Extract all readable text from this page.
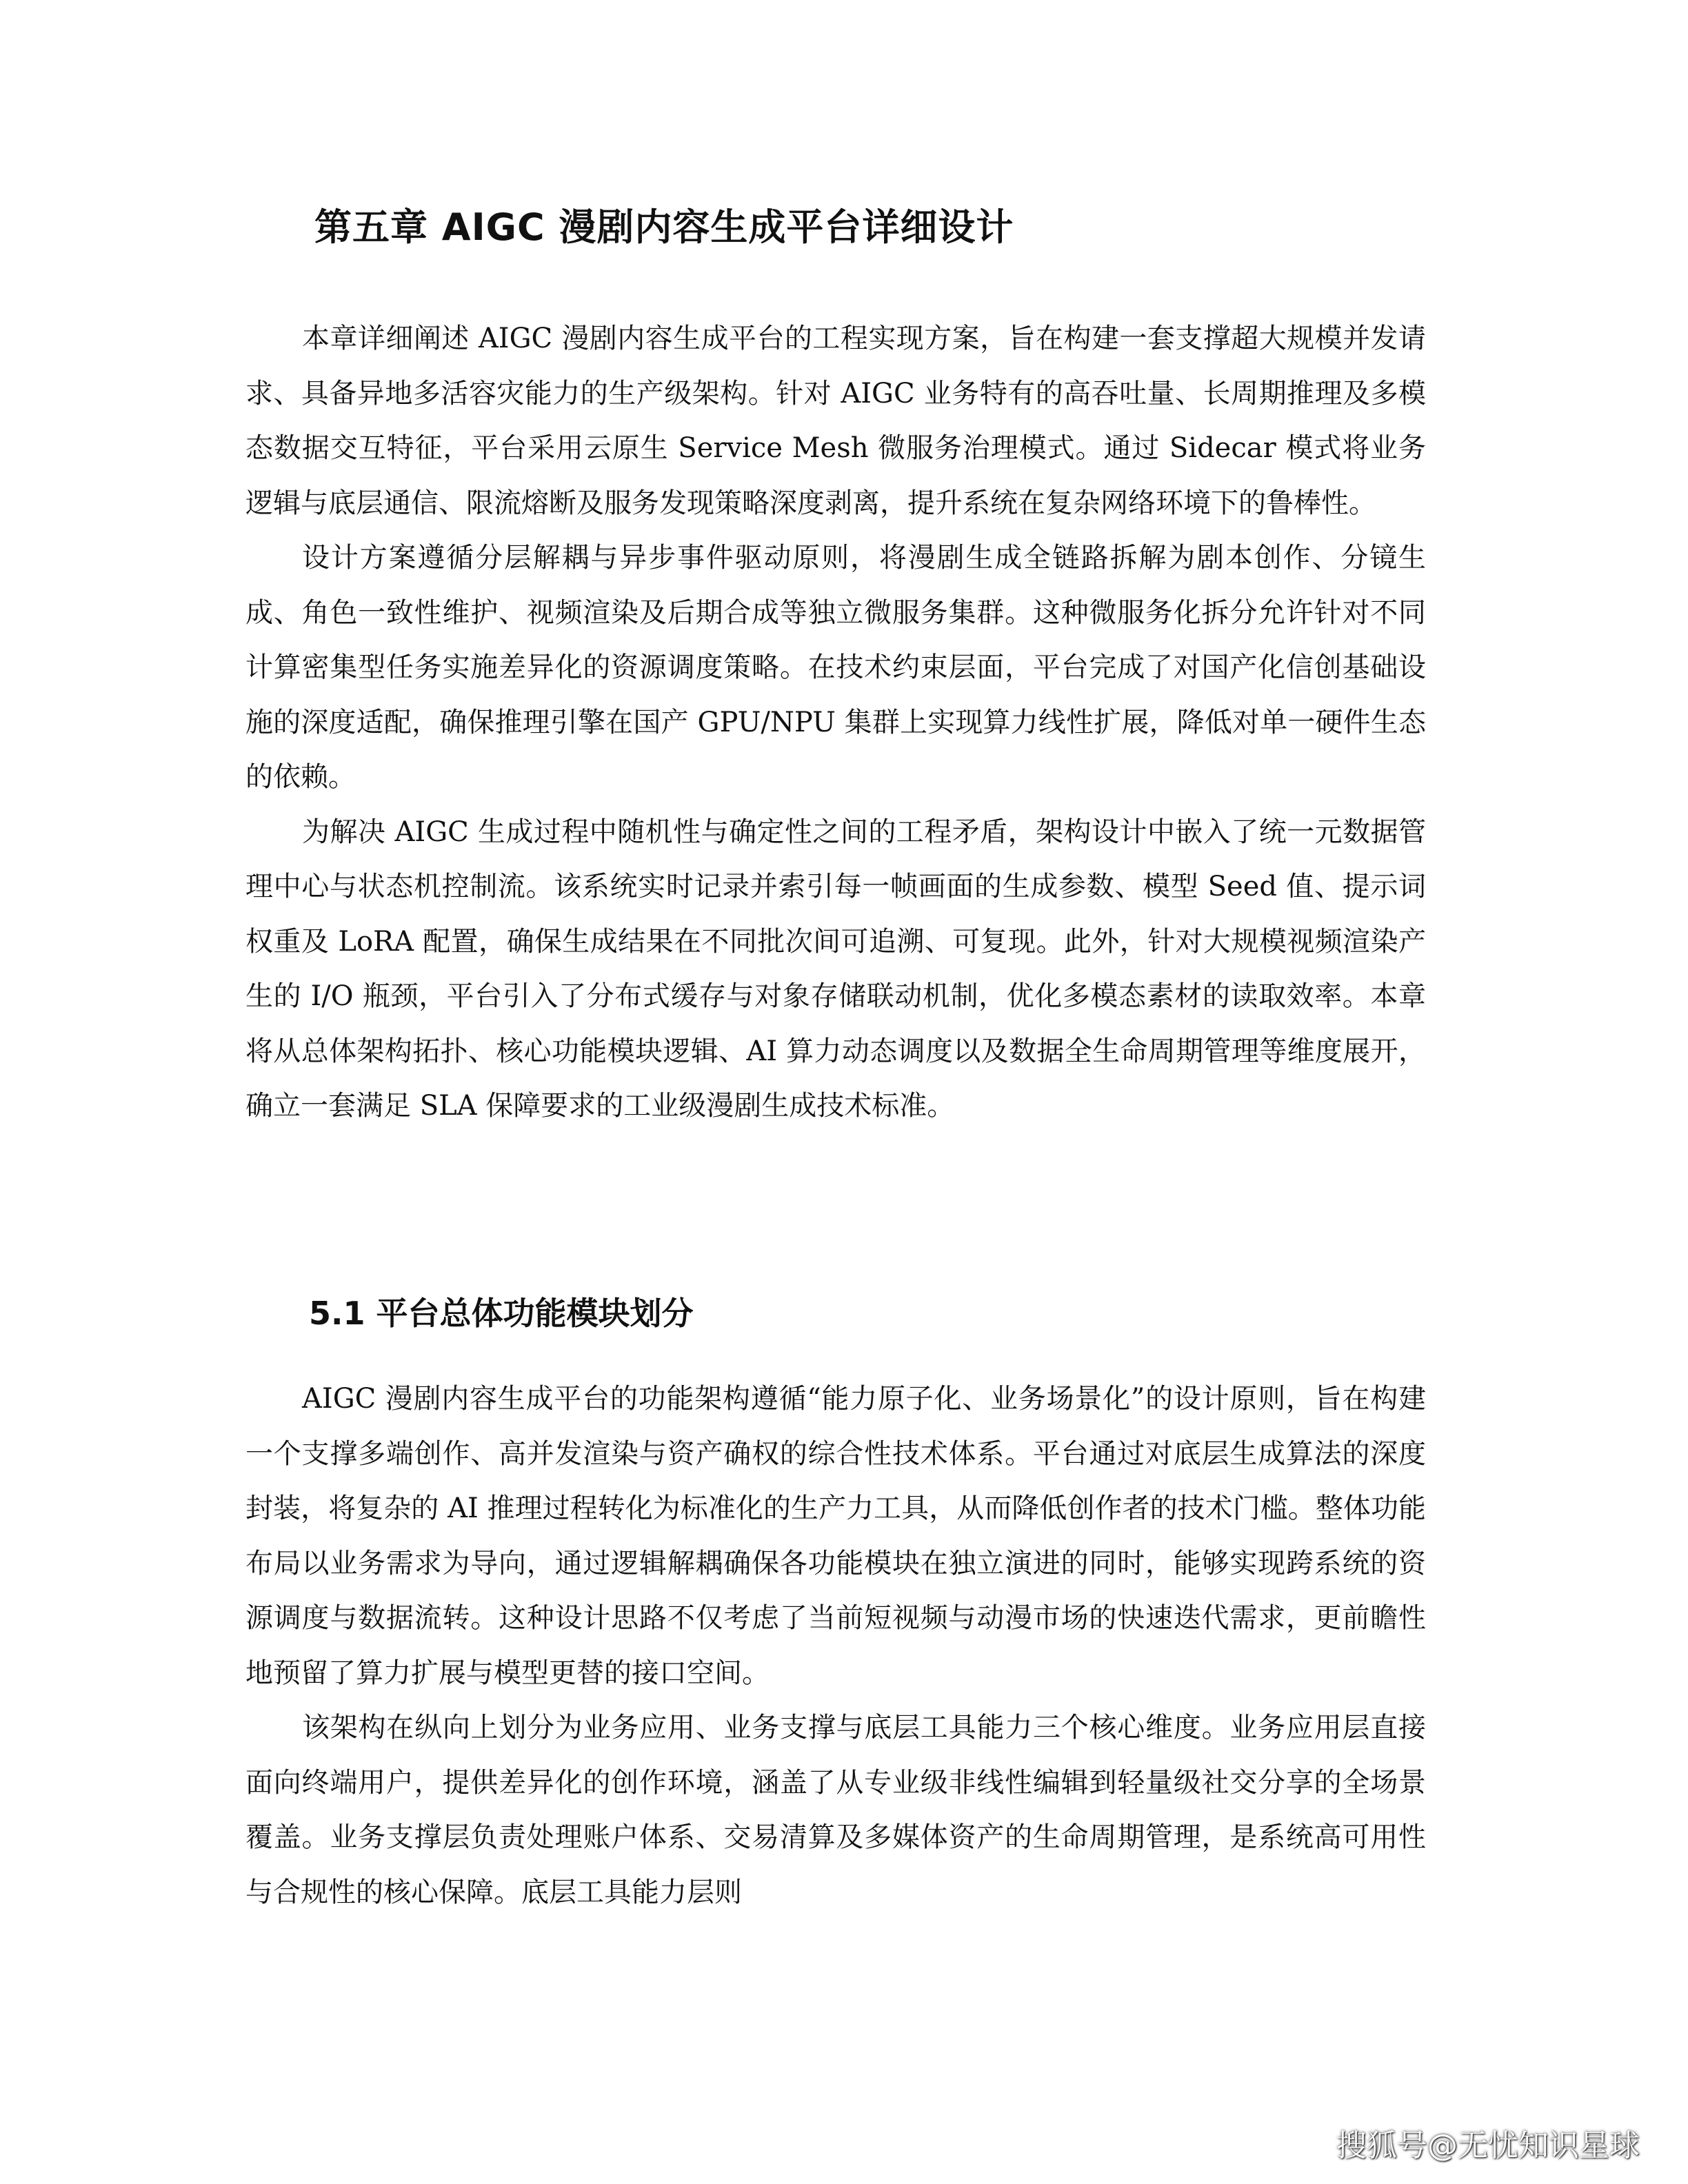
第五章 AIGC 漫剧内容生成平台详细设计

本章详细阐述 AIGC 漫剧内容生成平台的工程实现方案，旨在构建一套支撑超大规模并发请求、具备异地多活容灾能力的生产级架构。针对 AIGC 业务特有的高吞吐量、长周期推理及多模态数据交互特征，平台采用云原生 Service Mesh 微服务治理模式。通过 Sidecar 模式将业务逻辑与底层通信、限流熔断及服务发现策略深度剥离，提升系统在复杂网络环境下的鲁棒性。

设计方案遵循分层解耦与异步事件驱动原则，将漫剧生成全链路拆解为剧本创作、分镜生成、角色一致性维护、视频渲染及后期合成等独立微服务集群。这种微服务化拆分允许针对不同计算密集型任务实施差异化的资源调度策略。在技术约束层面，平台完成了对国产化信创基础设施的深度适配，确保推理引擎在国产 GPU/NPU 集群上实现算力线性扩展，降低对单一硬件生态的依赖。

为解决 AIGC 生成过程中随机性与确定性之间的工程矛盾，架构设计中嵌入了统一元数据管理中心与状态机控制流。该系统实时记录并索引每一帧画面的生成参数、模型 Seed 值、提示词权重及 LoRA 配置，确保生成结果在不同批次间可追溯、可复现。此外，针对大规模视频渲染产生的 I/O 瓶颈，平台引入了分布式缓存与对象存储联动机制，优化多模态素材的读取效率。本章将从总体架构拓扑、核心功能模块逻辑、AI 算力动态调度以及数据全生命周期管理等维度展开，确立一套满足 SLA 保障要求的工业级漫剧生成技术标准。

5.1 平台总体功能模块划分

AIGC 漫剧内容生成平台的功能架构遵循“能力原子化、业务场景化”的设计原则，旨在构建一个支撑多端创作、高并发渲染与资产确权的综合性技术体系。平台通过对底层生成算法的深度封装，将复杂的 AI 推理过程转化为标准化的生产力工具，从而降低创作者的技术门槛。整体功能布局以业务需求为导向，通过逻辑解耦确保各功能模块在独立演进的同时，能够实现跨系统的资源调度与数据流转。这种设计思路不仅考虑了当前短视频与动漫市场的快速迭代需求，更前瞻性地预留了算力扩展与模型更替的接口空间。

该架构在纵向上划分为业务应用、业务支撑与底层工具能力三个核心维度。业务应用层直接面向终端用户，提供差异化的创作环境，涵盖了从专业级非线性编辑到轻量级社交分享的全场景覆盖。业务支撑层负责处理账户体系、交易清算及多媒体资产的生命周期管理，是系统高可用性与合规性的核心保障。底层工具能力层则

搜狐号@无忧知识星球
